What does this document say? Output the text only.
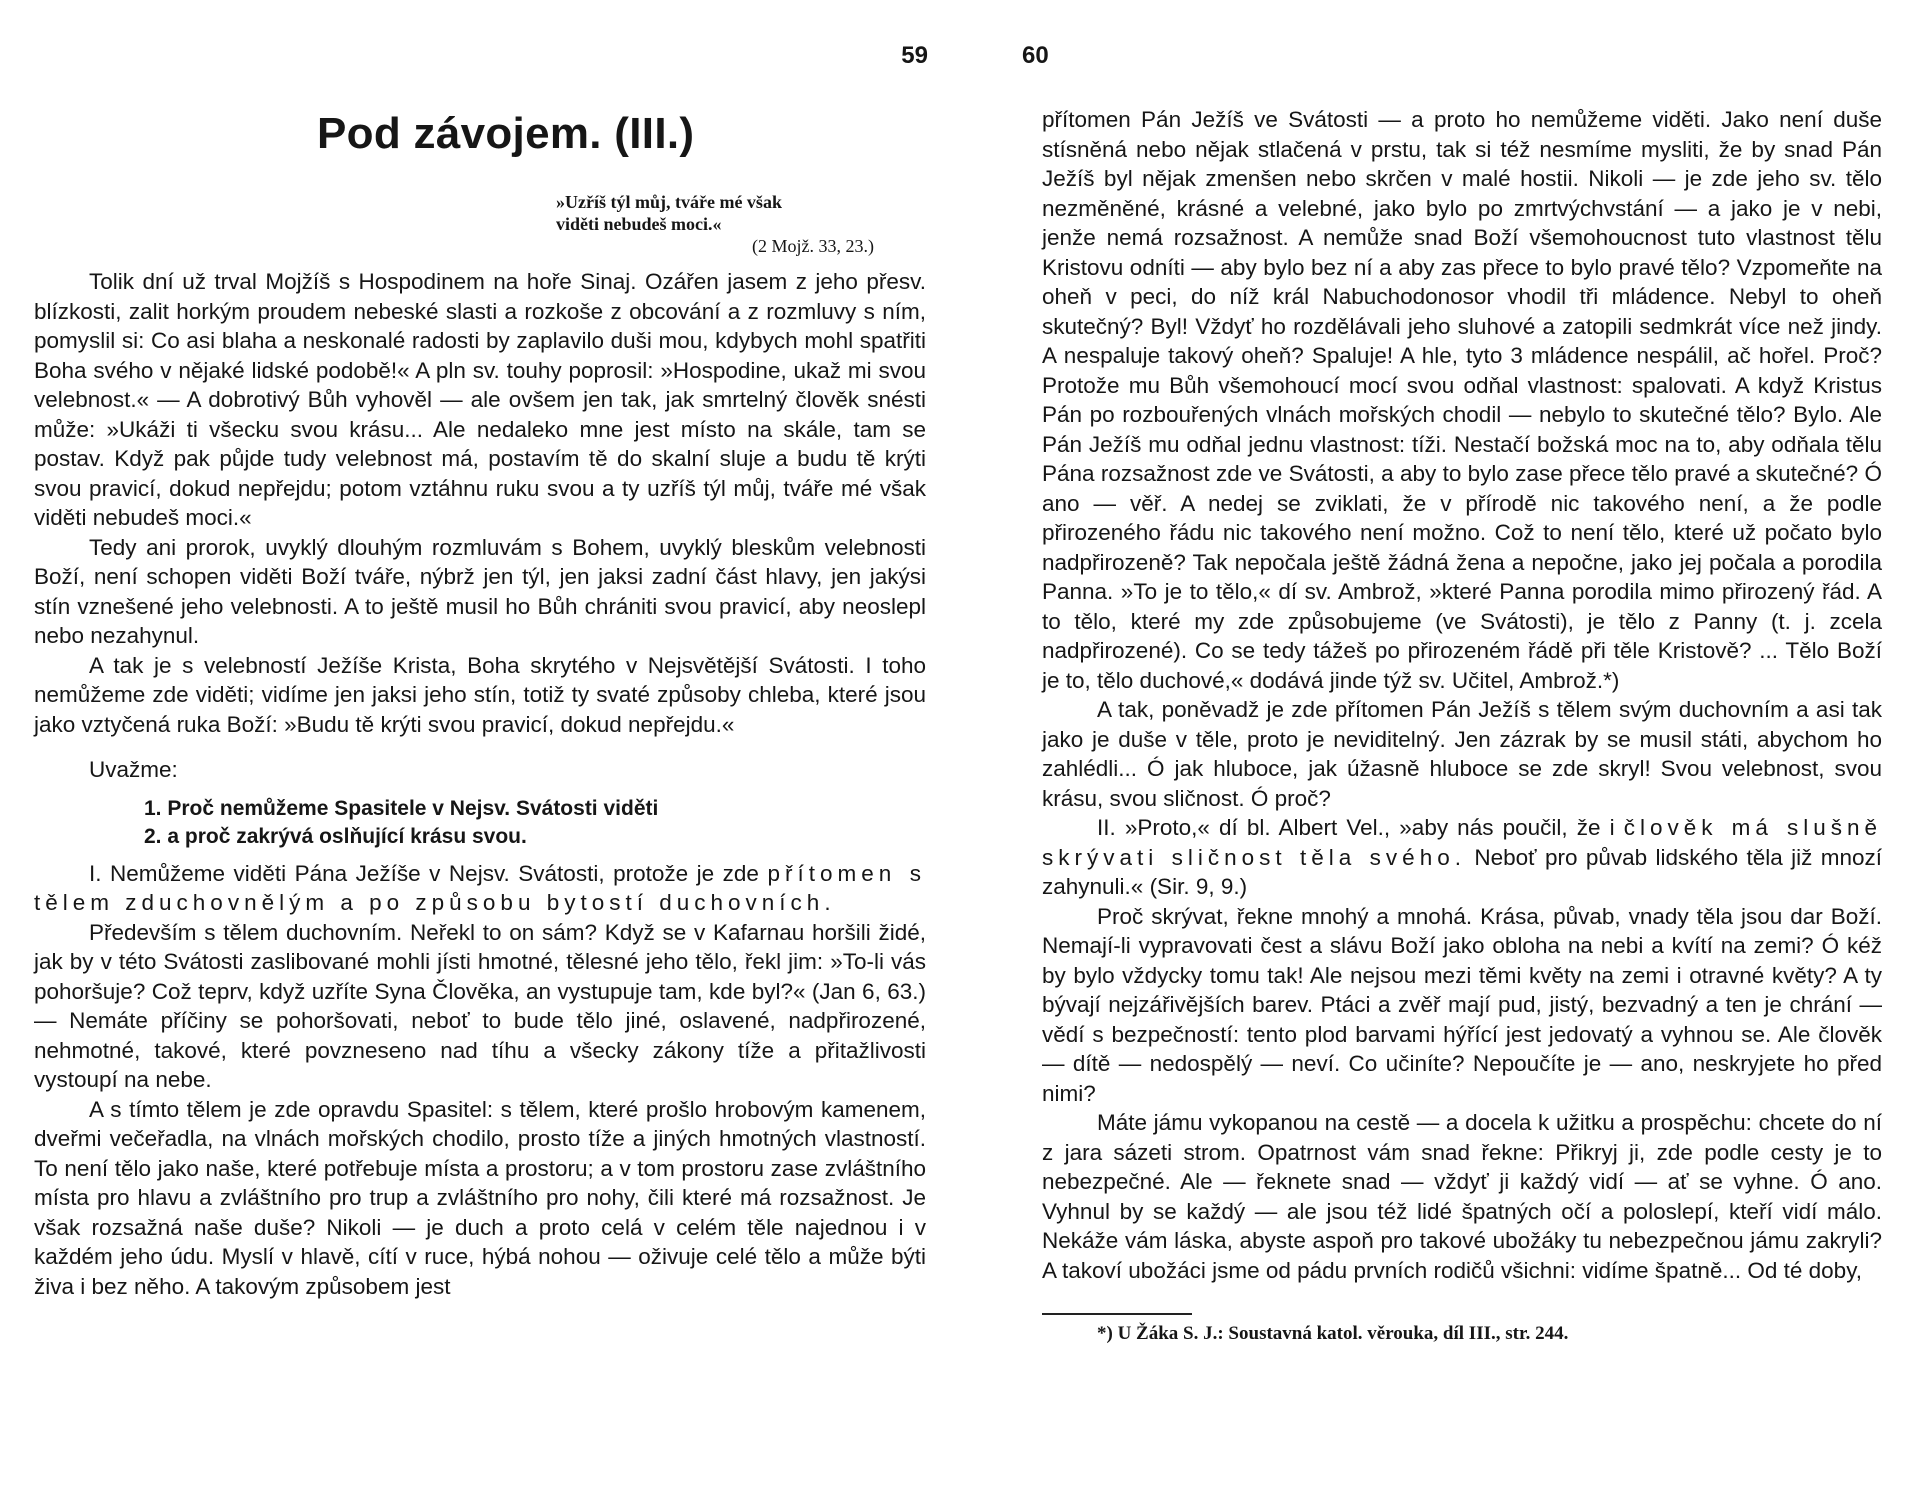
59
Pod závojem. (III.)
»Uzříš týl můj, tváře mé však
viděti nebudeš moci.«
(2 Mojž. 33, 23.)

Tolik dní už trval Mojžíš s Hospodinem na hoře Sinaj. Ozářen jasem z jeho přesv. blízkosti, zalit horkým proudem nebeské slasti a rozkoše z obcování a z rozmluvy s ním, pomyslil si: Co asi blaha a neskonalé radosti by zaplavilo duši mou, kdybych mohl spatřiti Boha svého v nějaké lidské podobě!« A pln sv. touhy poprosil: »Hospodine, ukaž mi svou velebnost.« — A dobrotivý Bůh vyhověl — ale ovšem jen tak, jak smrtelný člověk snésti může: »Ukáži ti všecku svou krásu... Ale nedaleko mne jest místo na skále, tam se postav. Když pak půjde tudy velebnost má, postavím tě do skalní sluje a budu tě krýti svou pravicí, dokud nepřejdu; potom vztáhnu ruku svou a ty uzříš týl můj, tváře mé však viděti nebudeš moci.«

Tedy ani prorok, uvyklý dlouhým rozmluvám s Bohem, uvyklý bleskům velebnosti Boží, není schopen viděti Boží tváře, nýbrž jen týl, jen jaksi zadní část hlavy, jen jakýsi stín vznešené jeho velebnosti. A to ještě musil ho Bůh chrániti svou pravicí, aby neoslepl nebo nezahynul.

A tak je s velebností Ježíše Krista, Boha skrytého v Nejsvětější Svátosti. I toho nemůžeme zde viděti; vidíme jen jaksi jeho stín, totiž ty svaté způsoby chleba, které jsou jako vztyčená ruka Boží: »Budu tě krýti svou pravicí, dokud nepřejdu.«

Uvažme:

1. Proč nemůžeme Spasitele v Nejsv. Svátosti viděti
2. a proč zakrývá oslňující krásu svou.

I. Nemůžeme viděti Pána Ježíše v Nejsv. Svátosti, protože je zde přítomen s tělem zduchovnělým a po způsobu bytostí duchovních.

Především s tělem duchovním. Neřekl to on sám? Když se v Kafarnau horšili židé, jak by v této Svátosti zaslibované mohli jísti hmotné, tělesné jeho tělo, řekl jim: »To-li vás pohoršuje? Což teprv, když uzříte Syna Člověka, an vystupuje tam, kde byl?« (Jan 6, 63.) — Nemáte příčiny se pohoršovati, neboť to bude tělo jiné, oslavené, nadpřirozené, nehmotné, takové, které povzneseno nad tíhu a všecky zákony tíže a přitažlivosti vystoupí na nebe.

A s tímto tělem je zde opravdu Spasitel: s tělem, které prošlo hrobovým kamenem, dveřmi večeřadla, na vlnách mořských chodilo, prosto tíže a jiných hmotných vlastností. To není tělo jako naše, které potřebuje místa a prostoru; a v tom prostoru zase zvláštního místa pro hlavu a zvláštního pro trup a zvláštního pro nohy, čili které má rozsažnost. Je však rozsažná naše duše? Nikoli — je duch a proto celá v celém těle najednou i v každém jeho údu. Myslí v hlavě, cítí v ruce, hýbá nohou — oživuje celé tělo a může býti živa i bez něho. A takovým způsobem jest

60

přítomen Pán Ježíš ve Svátosti — a proto ho nemůžeme viděti. Jako není duše stísněná nebo nějak stlačená v prstu, tak si též nesmíme mysliti, že by snad Pán Ježíš byl nějak zmenšen nebo skrčen v malé hostii. Nikoli — je zde jeho sv. tělo nezměněné, krásné a velebné, jako bylo po zmrtvýchvstání — a jako je v nebi, jenže nemá rozsažnost. A nemůže snad Boží všemohoucnost tuto vlastnost tělu Kristovu odníti — aby bylo bez ní a aby zas přece to bylo pravé tělo? Vzpomeňte na oheň v peci, do níž král Nabuchodonosor vhodil tři mládence. Nebyl to oheň skutečný? Byl! Vždyť ho rozdělávali jeho sluhové a zatopili sedmkrát více než jindy. A nespaluje takový oheň? Spaluje! A hle, tyto 3 mládence nespálil, ač hořel. Proč? Protože mu Bůh všemohoucí mocí svou odňal vlastnost: spalovati. A když Kristus Pán po rozbouřených vlnách mořských chodil — nebylo to skutečné tělo? Bylo. Ale Pán Ježíš mu odňal jednu vlastnost: tíži. Nestačí božská moc na to, aby odňala tělu Pána rozsažnost zde ve Svátosti, a aby to bylo zase přece tělo pravé a skutečné? Ó ano — věř. A nedej se zviklati, že v přírodě nic takového není, a že podle přirozeného řádu nic takového není možno. Což to není tělo, které už počato bylo nadpřirozeně? Tak nepočala ještě žádná žena a nepočne, jako jej počala a porodila Panna. »To je to tělo,« dí sv. Ambrož, »které Panna porodila mimo přirozený řád. A to tělo, které my zde způsobujeme (ve Svátosti), je tělo z Panny (t. j. zcela nadpřirozené). Co se tedy tážeš po přirozeném řádě při těle Kristově? ... Tělo Boží je to, tělo duchové,« dodává jinde týž sv. Učitel, Ambrož.*)

A tak, poněvadž je zde přítomen Pán Ježíš s tělem svým duchovním a asi tak jako je duše v těle, proto je neviditelný. Jen zázrak by se musil státi, abychom ho zahlédli... Ó jak hluboce, jak úžasně hluboce se zde skryl! Svou velebnost, svou krásu, svou sličnost. Ó proč?

II. »Proto,« dí bl. Albert Vel., »aby nás poučil, že i člověk má slušně skrývati sličnost těla svého. Neboť pro půvab lidského těla již mnozí zahynuli.« (Sir. 9, 9.)

Proč skrývat, řekne mnohý a mnohá. Krása, půvab, vnady těla jsou dar Boží. Nemají-li vypravovati čest a slávu Boží jako obloha na nebi a kvítí na zemi? Ó kéž by bylo vždycky tomu tak! Ale nejsou mezi těmi květy na zemi i otravné květy? A ty bývají nejzářivějších barev. Ptáci a zvěř mají pud, jistý, bezvadný a ten je chrání — vědí s bezpečností: tento plod barvami hýřící jest jedovatý a vyhnou se. Ale člověk — dítě — nedospělý — neví. Co učiníte? Nepoučíte je — ano, neskryjete ho před nimi?

Máte jámu vykopanou na cestě — a docela k užitku a prospěchu: chcete do ní z jara sázeti strom. Opatrnost vám snad řekne: Přikryj ji, zde podle cesty je to nebezpečné. Ale — řeknete snad — vždyť ji každý vidí — ať se vyhne. Ó ano. Vyhnul by se každý — ale jsou též lidé špatných očí a poloslepí, kteří vidí málo. Nekáže vám láska, abyste aspoň pro takové ubožáky tu nebezpečnou jámu zakryli? A takoví ubožáci jsme od pádu prvních rodičů všichni: vidíme špatně... Od té doby,

*) U Žáka S. J.: Soustavná katol. věrouka, díl III., str. 244.
